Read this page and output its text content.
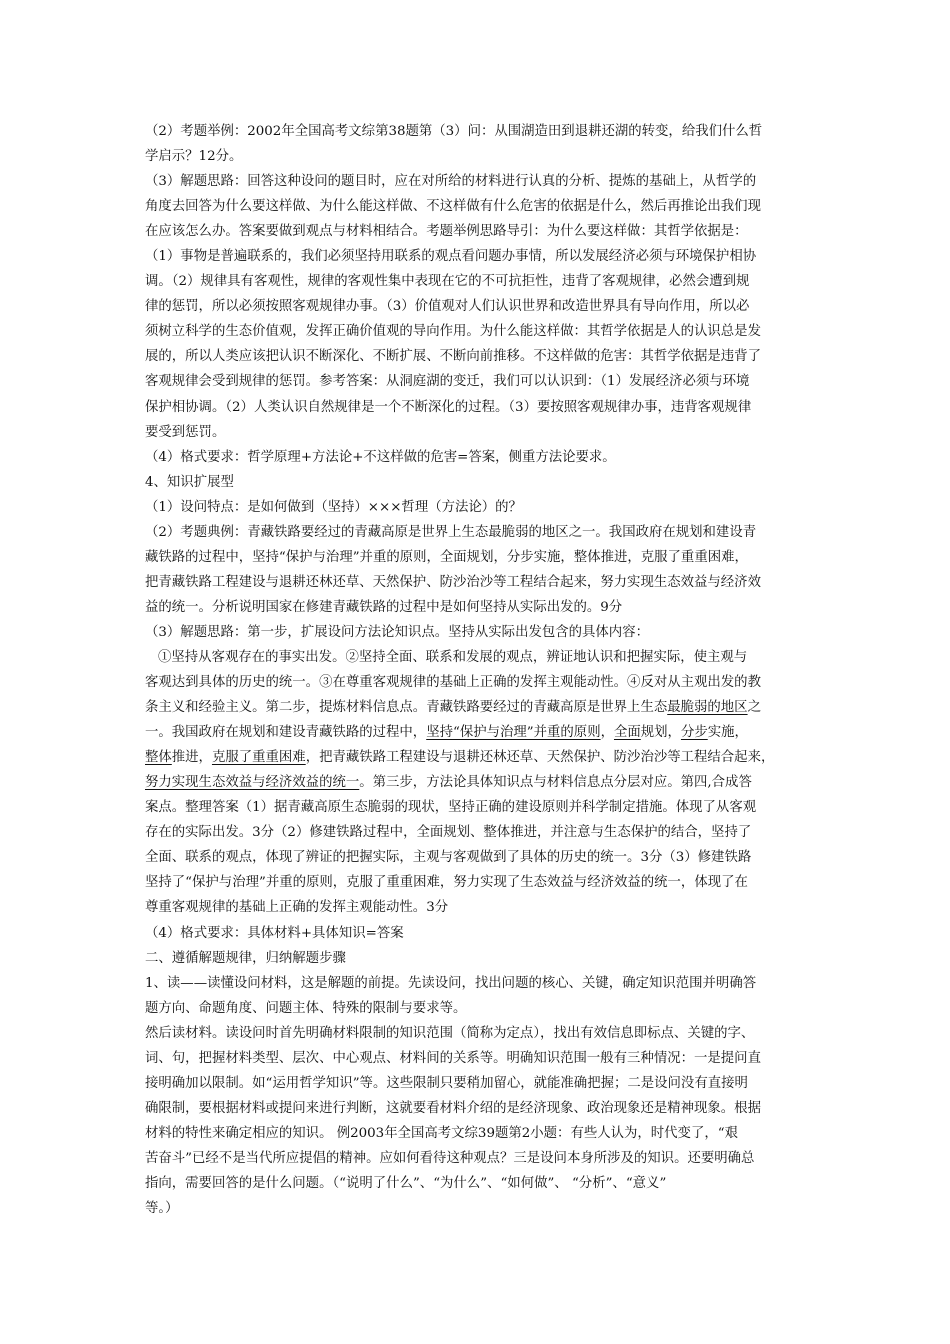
（2）考题举例：2002年全国高考文综第38题第（3）问：从围湖造田到退耕还湖的转变，给我们什么哲
学启示？12分。
（3）解题思路：回答这种设问的题目时，应在对所给的材料进行认真的分析、提炼的基础上，从哲学的
角度去回答为什么要这样做、为什么能这样做、不这样做有什么危害的依据是什么，然后再推论出我们现
在应该怎么办。答案要做到观点与材料相结合。考题举例思路导引：为什么要这样做：其哲学依据是：
（1）事物是普遍联系的，我们必须坚持用联系的观点看问题办事情，所以发展经济必须与环境保护相协
调。（2）规律具有客观性，规律的客观性集中表现在它的不可抗拒性，违背了客观规律，必然会遭到规
律的惩罚，所以必须按照客观规律办事。（3）价值观对人们认识世界和改造世界具有导向作用，所以必
须树立科学的生态价值观，发挥正确价值观的导向作用。为什么能这样做：其哲学依据是人的认识总是发
展的，所以人类应该把认识不断深化、不断扩展、不断向前推移。不这样做的危害：其哲学依据是违背了
客观规律会受到规律的惩罚。参考答案：从洞庭湖的变迁，我们可以认识到：（1）发展经济必须与环境
保护相协调。（2）人类认识自然规律是一个不断深化的过程。（3）要按照客观规律办事，违背客观规律
要受到惩罚。
（4）格式要求：哲学原理+方法论+不这样做的危害=答案，侧重方法论要求。
4、知识扩展型
（1）设问特点：是如何做到（坚持）×××哲理（方法论）的？
（2）考题典例：青藏铁路要经过的青藏高原是世界上生态最脆弱的地区之一。我国政府在规划和建设青
藏铁路的过程中，坚持“保护与治理”并重的原则，全面规划，分步实施，整体推进，克服了重重困难，
把青藏铁路工程建设与退耕还林还草、天然保护、防沙治沙等工程结合起来，努力实现生态效益与经济效
益的统一。分析说明国家在修建青藏铁路的过程中是如何坚持从实际出发的。9分
（3）解题思路：第一步，扩展设问方法论知识点。坚持从实际出发包含的具体内容：
①坚持从客观存在的事实出发。②坚持全面、联系和发展的观点，辨证地认识和把握实际，使主观与
客观达到具体的历史的统一。③在尊重客观规律的基础上正确的发挥主观能动性。④反对从主观出发的教
条主义和经验主义。第二步，提炼材料信息点。青藏铁路要经过的青藏高原是世界上生态最脆弱的地区之
一。我国政府在规划和建设青藏铁路的过程中，坚持“保护与治理”并重的原则，全面规划，分步实施，
整体推进，克服了重重困难，把青藏铁路工程建设与退耕还林还草、天然保护、防沙治沙等工程结合起来，
努力实现生态效益与经济效益的统一。第三步，方法论具体知识点与材料信息点分层对应。第四,合成答
案点。整理答案（1）据青藏高原生态脆弱的现状，坚持正确的建设原则并科学制定措施。体现了从客观
存在的实际出发。3分（2）修建铁路过程中，全面规划、整体推进，并注意与生态保护的结合，坚持了
全面、联系的观点，体现了辨证的把握实际，主观与客观做到了具体的历史的统一。3分（3）修建铁路
坚持了“保护与治理”并重的原则，克服了重重困难，努力实现了生态效益与经济效益的统一，体现了在
尊重客观规律的基础上正确的发挥主观能动性。3分
（4）格式要求：具体材料+具体知识=答案
二、遵循解题规律，归纳解题步骤
1、读——读懂设问材料，这是解题的前提。先读设问，找出问题的核心、关键，确定知识范围并明确答
题方向、命题角度、问题主体、特殊的限制与要求等。
然后读材料。读设问时首先明确材料限制的知识范围（简称为定点），找出有效信息即标点、关键的字、
词、句，把握材料类型、层次、中心观点、材料间的关系等。明确知识范围一般有三种情况：一是提问直
接明确加以限制。如“运用哲学知识”等。这些限制只要稍加留心，就能准确把握；二是设问没有直接明
确限制，要根据材料或提问来进行判断，这就要看材料介绍的是经济现象、政治现象还是精神现象。根据
材料的特性来确定相应的知识。 例2003年全国高考文综39题第2小题：有些人认为，时代变了，“艰
苦奋斗”已经不是当代所应提倡的精神。应如何看待这种观点？三是设问本身所涉及的知识。还要明确总
指向，需要回答的是什么问题。（“说明了什么”、“为什么”、“如何做”、 “分析”、“意义”
等。）
